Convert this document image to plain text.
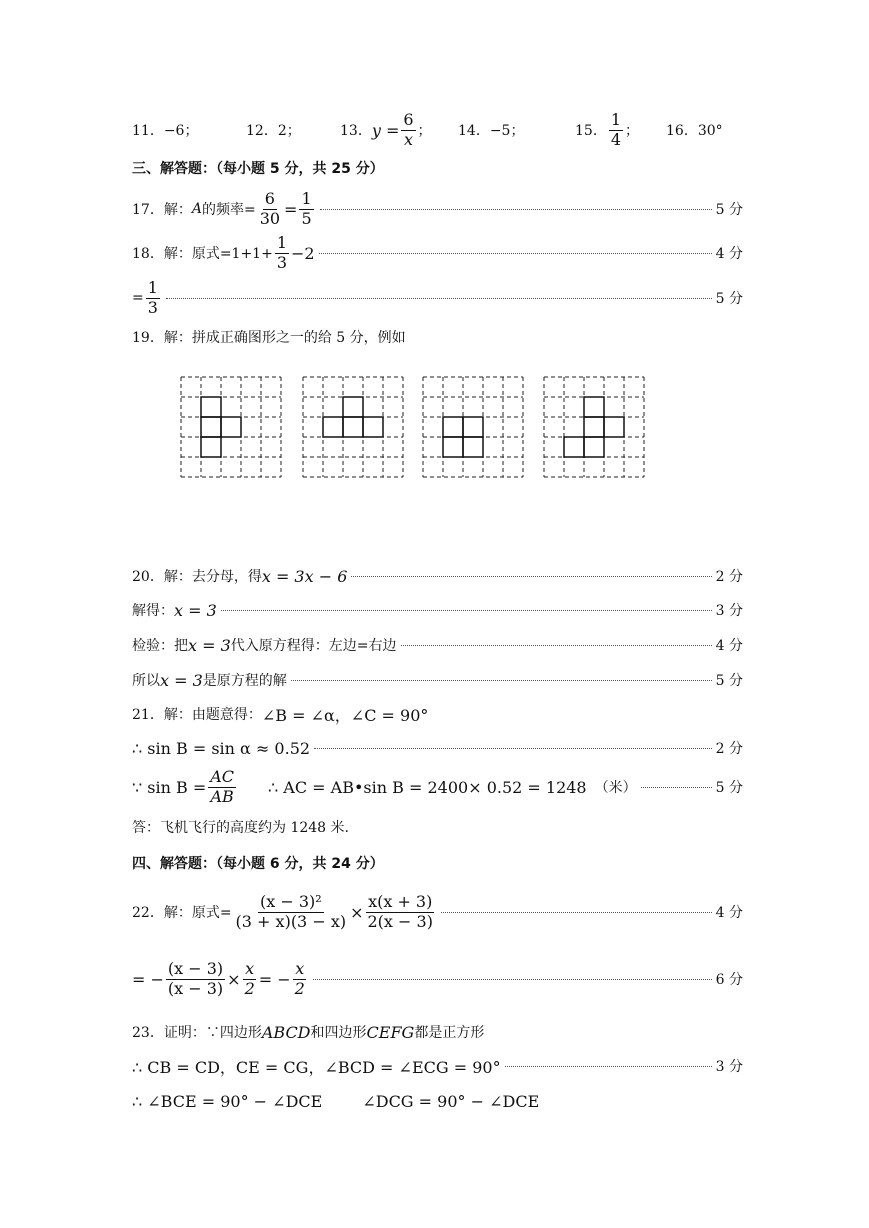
11．−6；	12．2；	13． $y = \frac{6}{x}$ ； 14．−5；	15． $\frac{1}{4}$ ； 16．30°
三、解答题：（每小题 5 分，共 25 分）
17．解： A 的频率= $\frac{6}{30} = \frac{1}{5}$	5 分
18．解：原式$=1+1+ \frac{1}{3} -2$	4 分
= $\frac{1}{3}$	5 分
19．解：拼成正确图形之一的给 5 分，例如
20．解：去分母，得 x = 3x − 6	2 分
解得： x = 3	3 分
检验：把 x = 3 代入原方程得：左边=右边	4 分
所以 x = 3 是原方程的解	5 分
21．解：由题意得： ∠B = ∠α，∠C = 90°
∴ sin B = sin α ≈ 0.52	2 分
∵ $\sin B = \frac{AC}{AB}$ ∴ AC = AB•sin B = 2400× 0.52 = 1248 （米）	5 分
答：飞机飞行的高度约为 1248 米.
四、解答题：（每小题 6 分，共 24 分）
22．解：原式= $\frac{\text{(x − 3)²}}{(3 + x)(3 - x)} \times \frac{x(x + 3)}{2(x - 3)}$	4 分
= − $\frac{(x - 3)}{(x - 3)} \times \frac{x}{2}$ = − $\frac{x}{2}$	6 分
23．证明：∵四边形 ABCD 和四边形 CEFG 都是正方形
∴ CB = CD，CE = CG，∠BCD = ∠ECG = 90°	3 分
∴ ∠BCE = 90° − ∠DCE	∠DCG = 90° − ∠DCE
